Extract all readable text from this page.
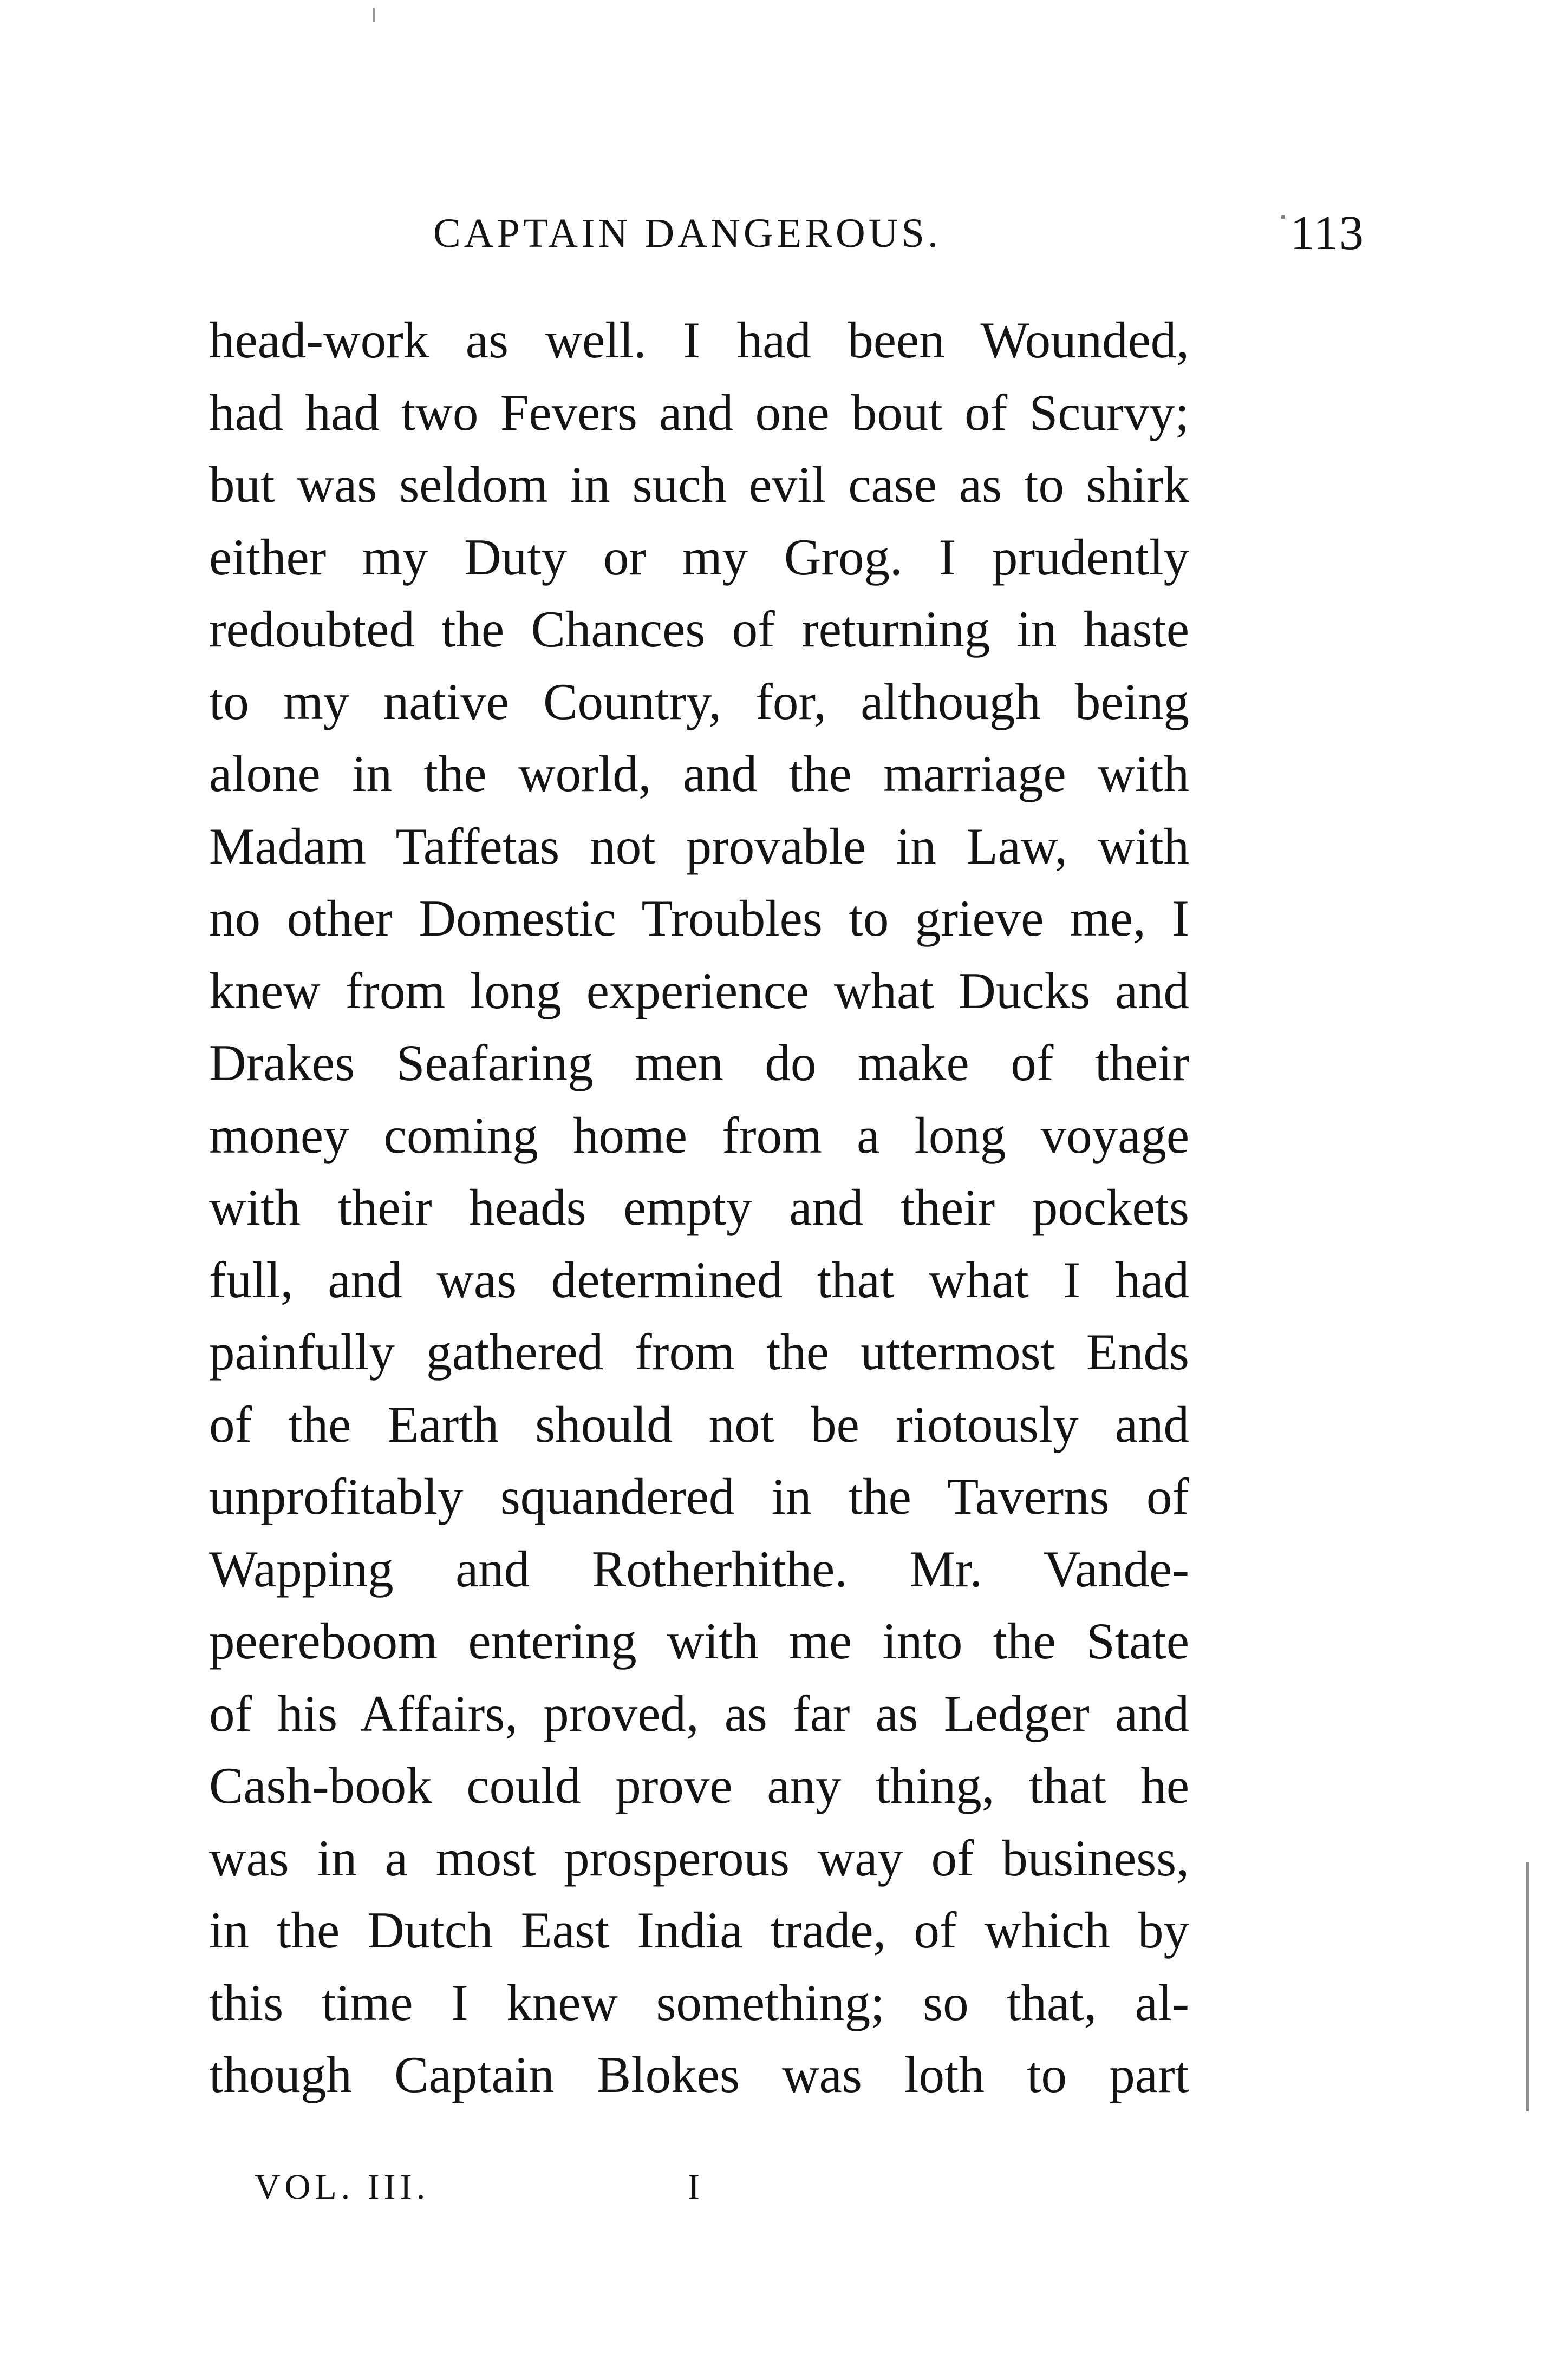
CAPTAIN DANGEROUS.	113
head-work as well. I had been Wounded,
had had two Fevers and one bout of Scurvy;
but was seldom in such evil case as to shirk
either my Duty or my Grog. I prudently
redoubted the Chances of returning in haste
to my native Country, for, although being
alone in the world, and the marriage with
Madam Taffetas not provable in Law, with
no other Domestic Troubles to grieve me, I
knew from long experience what Ducks and
Drakes Seafaring men do make of their
money coming home from a long voyage
with their heads empty and their pockets
full, and was determined that what I had
painfully gathered from the uttermost Ends
of the Earth should not be riotously and
unprofitably squandered in the Taverns of
Wapping and Rotherhithe. Mr. Vande-
peereboom entering with me into the State
of his Affairs, proved, as far as Ledger and
Cash-book could prove any thing, that he
was in a most prosperous way of business,
in the Dutch East India trade, of which by
this time I knew something; so that, al-
though Captain Blokes was loth to part
VOL. III.	I
